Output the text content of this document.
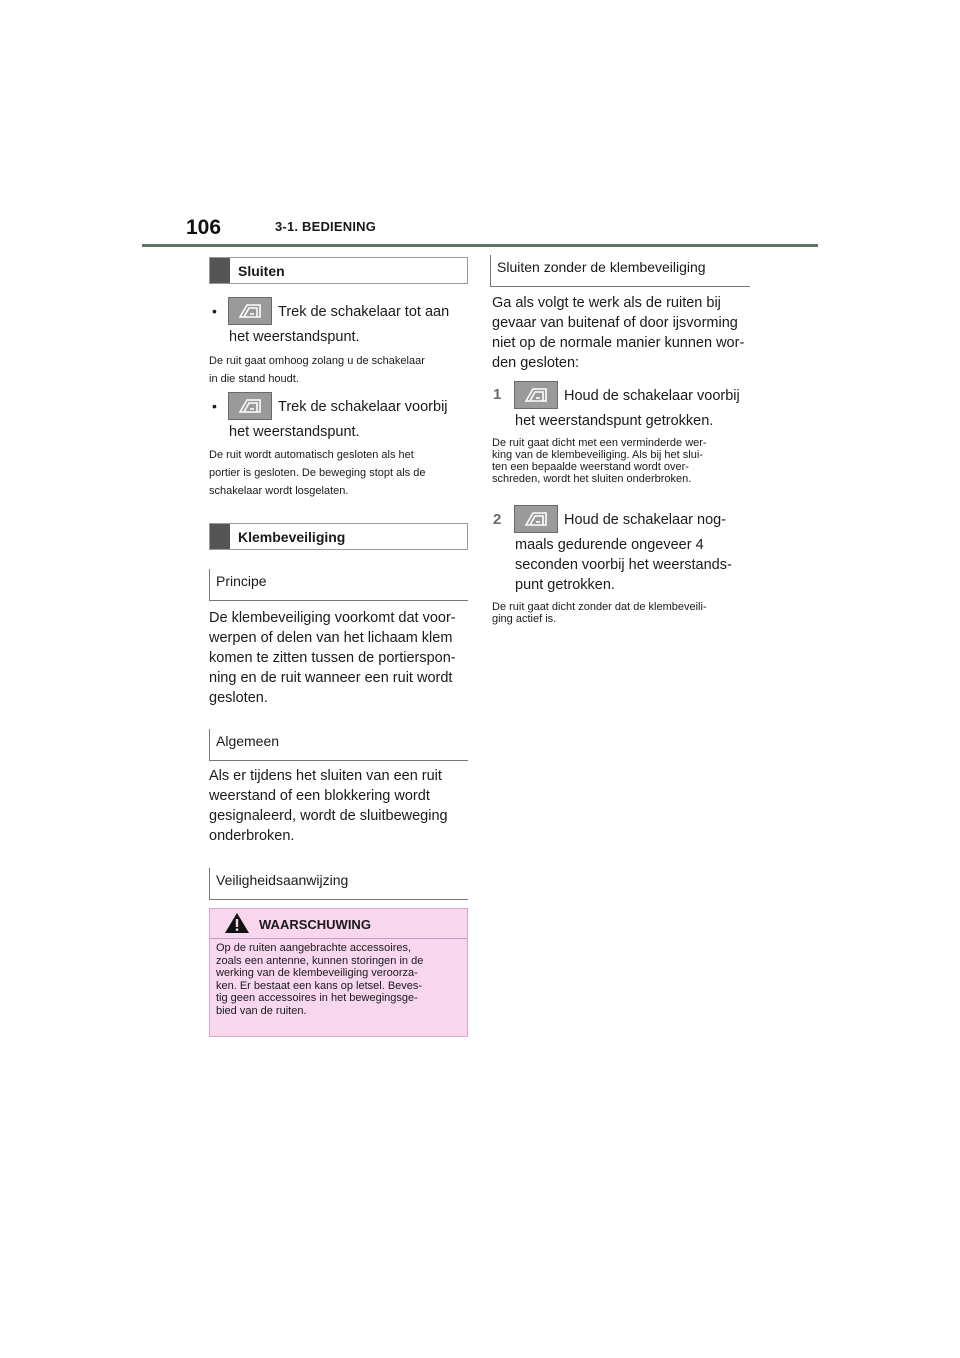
106	3-1. BEDIENING
Sluiten
•	Trek de schakelaar tot aan
het weerstandspunt.
De ruit gaat omhoog zolang u de schakelaar
in die stand houdt.
•	Trek de schakelaar voorbij
het weerstandspunt.
De ruit wordt automatisch gesloten als het
portier is gesloten. De beweging stopt als de
schakelaar wordt losgelaten.
Klembeveiliging
Principe
De klembeveiliging voorkomt dat voor-
werpen of delen van het lichaam klem
komen te zitten tussen de portierspon-
ning en de ruit wanneer een ruit wordt
gesloten.
Algemeen
Als er tijdens het sluiten van een ruit
weerstand of een blokkering wordt
gesignaleerd, wordt de sluitbeweging
onderbroken.
Veiligheidsaanwijzing
WAARSCHUWING
Op de ruiten aangebrachte accessoires,
zoals een antenne, kunnen storingen in de
werking van de klembeveiliging veroorza-
ken. Er bestaat een kans op letsel. Beves-
tig geen accessoires in het bewegingsge-
bied van de ruiten.
Sluiten zonder de klembeveiliging
Ga als volgt te werk als de ruiten bij
gevaar van buitenaf of door ijsvorming
niet op de normale manier kunnen wor-
den gesloten:
1	Houd de schakelaar voorbij
het weerstandspunt getrokken.
De ruit gaat dicht met een verminderde wer-
king van de klembeveiliging. Als bij het slui-
ten een bepaalde weerstand wordt over-
schreden, wordt het sluiten onderbroken.
2	Houd de schakelaar nog-
maals gedurende ongeveer 4
seconden voorbij het weerstands-
punt getrokken.
De ruit gaat dicht zonder dat de klembeveili-
ging actief is.
